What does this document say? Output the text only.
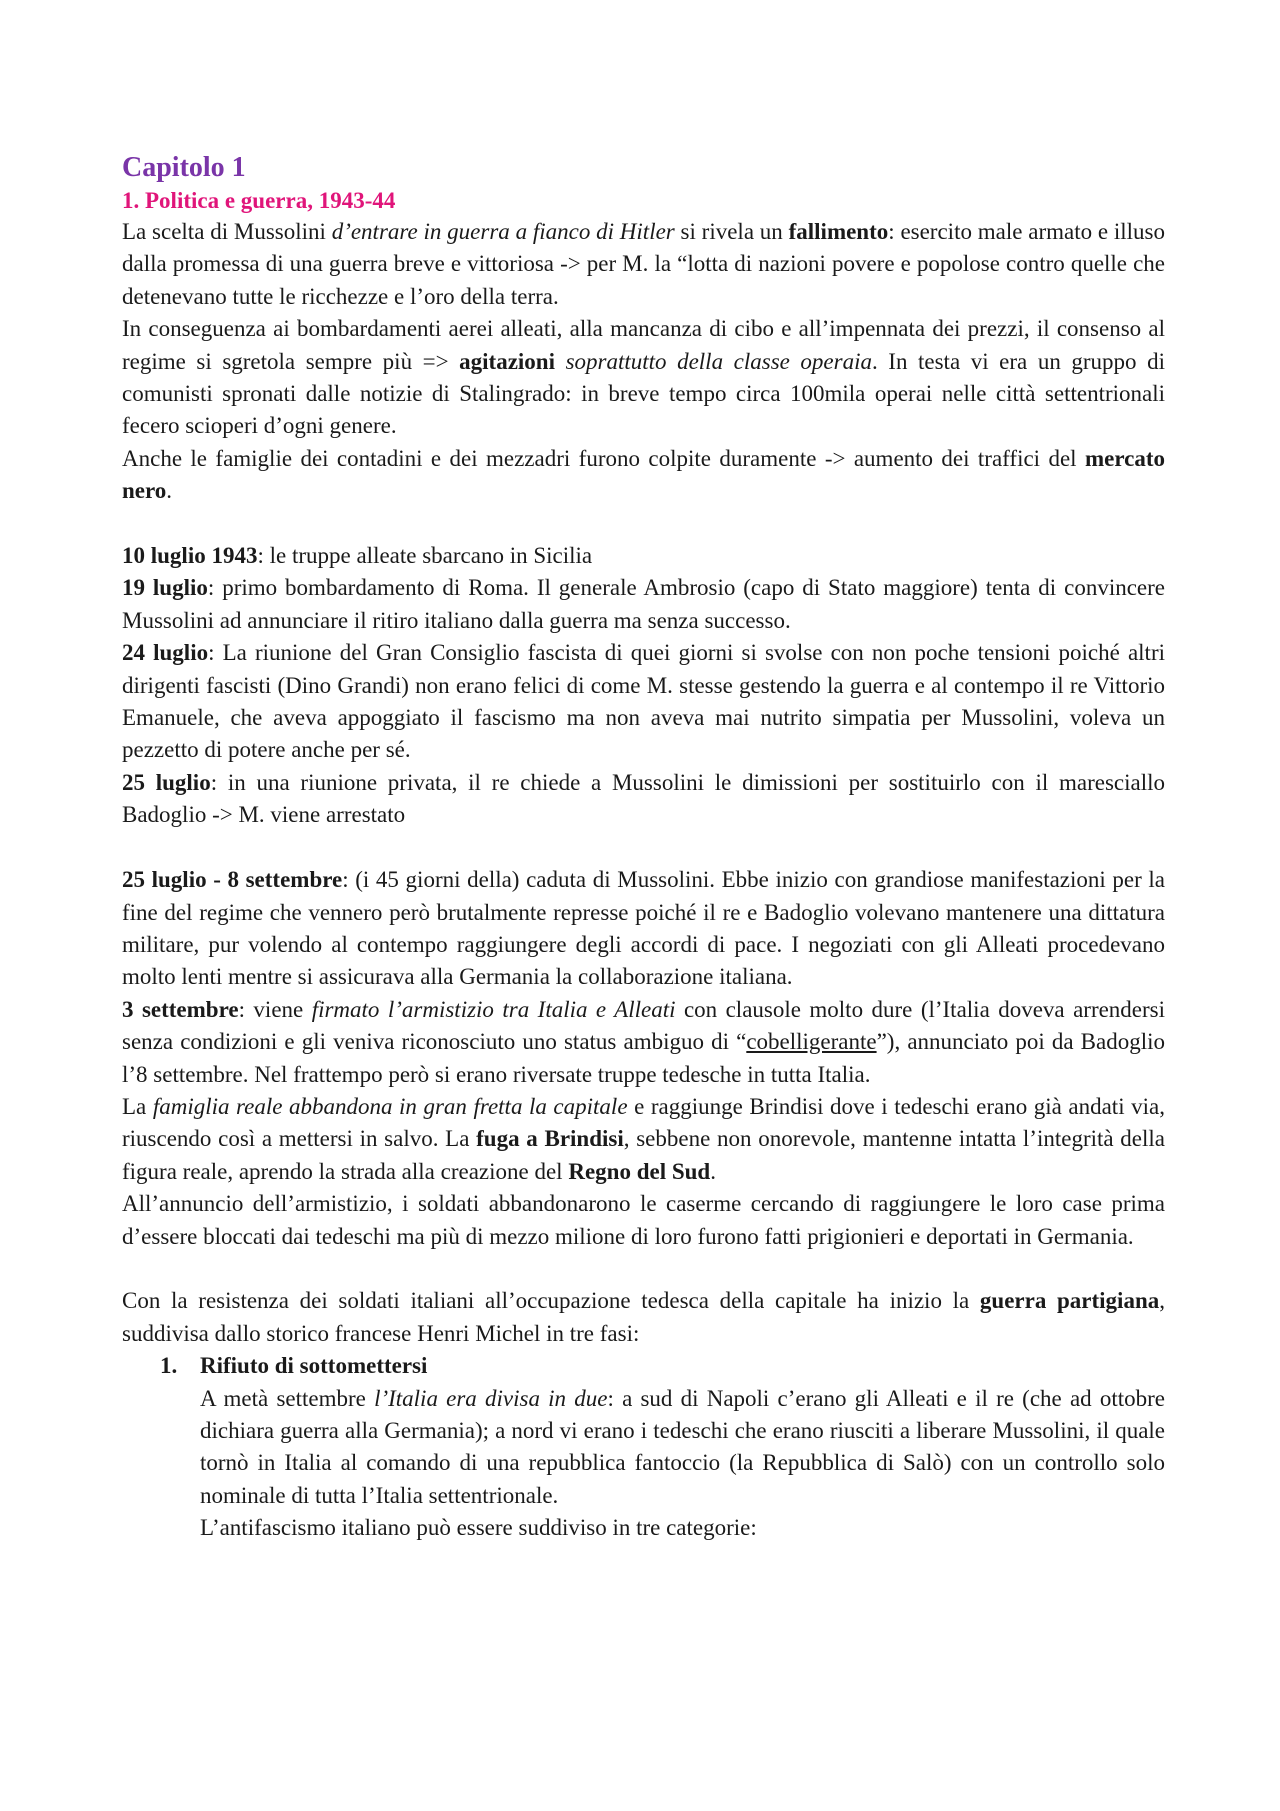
Capitolo 1
1. Politica e guerra, 1943-44

La scelta di Mussolini d’entrare in guerra a fianco di Hitler si rivela un fallimento: esercito male armato e illuso dalla promessa di una guerra breve e vittoriosa -> per M. la “lotta di nazioni povere e popolose contro quelle che detenevano tutte le ricchezze e l’oro della terra.

In conseguenza ai bombardamenti aerei alleati, alla mancanza di cibo e all’impennata dei prezzi, il consenso al regime si sgretola sempre più => agitazioni soprattutto della classe operaia. In testa vi era un gruppo di comunisti spronati dalle notizie di Stalingrado: in breve tempo circa 100mila operai nelle città settentrionali fecero scioperi d’ogni genere.

Anche le famiglie dei contadini e dei mezzadri furono colpite duramente -> aumento dei traffici del mercato nero.

10 luglio 1943: le truppe alleate sbarcano in Sicilia

19 luglio: primo bombardamento di Roma. Il generale Ambrosio (capo di Stato maggiore) tenta di convincere Mussolini ad annunciare il ritiro italiano dalla guerra ma senza successo.

24 luglio: La riunione del Gran Consiglio fascista di quei giorni si svolse con non poche tensioni poiché altri dirigenti fascisti (Dino Grandi) non erano felici di come M. stesse gestendo la guerra e al contempo il re Vittorio Emanuele, che aveva appoggiato il fascismo ma non aveva mai nutrito simpatia per Mussolini, voleva un pezzetto di potere anche per sé.

25 luglio: in una riunione privata, il re chiede a Mussolini le dimissioni per sostituirlo con il maresciallo Badoglio -> M. viene arrestato

25 luglio - 8 settembre: (i 45 giorni della) caduta di Mussolini. Ebbe inizio con grandiose manifestazioni per la fine del regime che vennero però brutalmente represse poiché il re e Badoglio volevano mantenere una dittatura militare, pur volendo al contempo raggiungere degli accordi di pace. I negoziati con gli Alleati procedevano molto lenti mentre si assicurava alla Germania la collaborazione italiana.

3 settembre: viene firmato l’armistizio tra Italia e Alleati con clausole molto dure (l’Italia doveva arrendersi senza condizioni e gli veniva riconosciuto uno status ambiguo di “cobelligerante”), annunciato poi da Badoglio l’8 settembre. Nel frattempo però si erano riversate truppe tedesche in tutta Italia.

La famiglia reale abbandona in gran fretta la capitale e raggiunge Brindisi dove i tedeschi erano già andati via, riuscendo così a mettersi in salvo. La fuga a Brindisi, sebbene non onorevole, mantenne intatta l’integrità della figura reale, aprendo la strada alla creazione del Regno del Sud.

All’annuncio dell’armistizio, i soldati abbandonarono le caserme cercando di raggiungere le loro case prima d’essere bloccati dai tedeschi ma più di mezzo milione di loro furono fatti prigionieri e deportati in Germania.

Con la resistenza dei soldati italiani all’occupazione tedesca della capitale ha inizio la guerra partigiana, suddivisa dallo storico francese Henri Michel in tre fasi:

1. Rifiuto di sottomettersi

A metà settembre l’Italia era divisa in due: a sud di Napoli c’erano gli Alleati e il re (che ad ottobre dichiara guerra alla Germania); a nord vi erano i tedeschi che erano riusciti a liberare Mussolini, il quale tornò in Italia al comando di una repubblica fantoccio (la Repubblica di Salò) con un controllo solo nominale di tutta l’Italia settentrionale.

L’antifascismo italiano può essere suddiviso in tre categorie:
